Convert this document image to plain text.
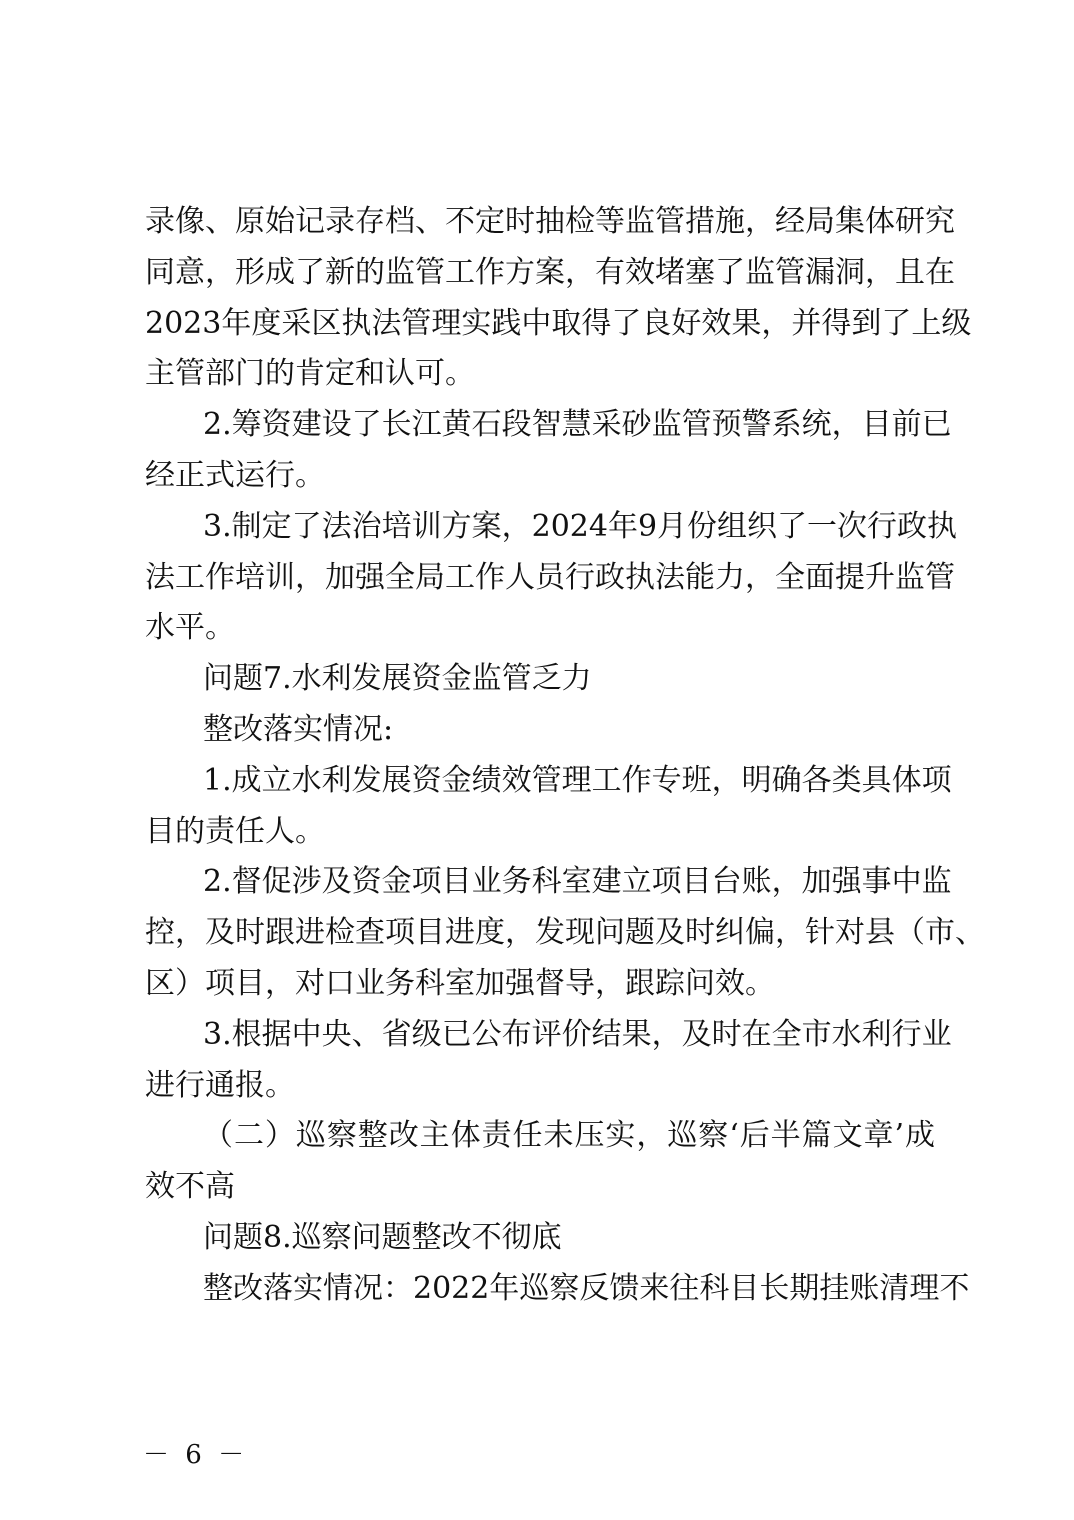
录像、原始记录存档、不定时抽检等监管措施，经局集体研究
同意，形成了新的监管工作方案，有效堵塞了监管漏洞，且在
2023年度采区执法管理实践中取得了良好效果，并得到了上级
主管部门的肯定和认可。
2.筹资建设了长江黄石段智慧采砂监管预警系统，目前已
经正式运行。
3.制定了法治培训方案，2024年9月份组织了一次行政执
法工作培训，加强全局工作人员行政执法能力，全面提升监管
水平。
问题7.水利发展资金监管乏力
整改落实情况:
1.成立水利发展资金绩效管理工作专班，明确各类具体项
目的责任人。
2.督促涉及资金项目业务科室建立项目台账，加强事中监
控，及时跟进检查项目进度，发现问题及时纠偏，针对县（市、
区）项目，对口业务科室加强督导，跟踪问效。
3.根据中央、省级已公布评价结果，及时在全市水利行业
进行通报。
（二）巡察整改主体责任未压实，巡察‘后半篇文章’成
效不高
问题8.巡察问题整改不彻底
整改落实情况：2022年巡察反馈来往科目长期挂账清理不
－ 6 －
